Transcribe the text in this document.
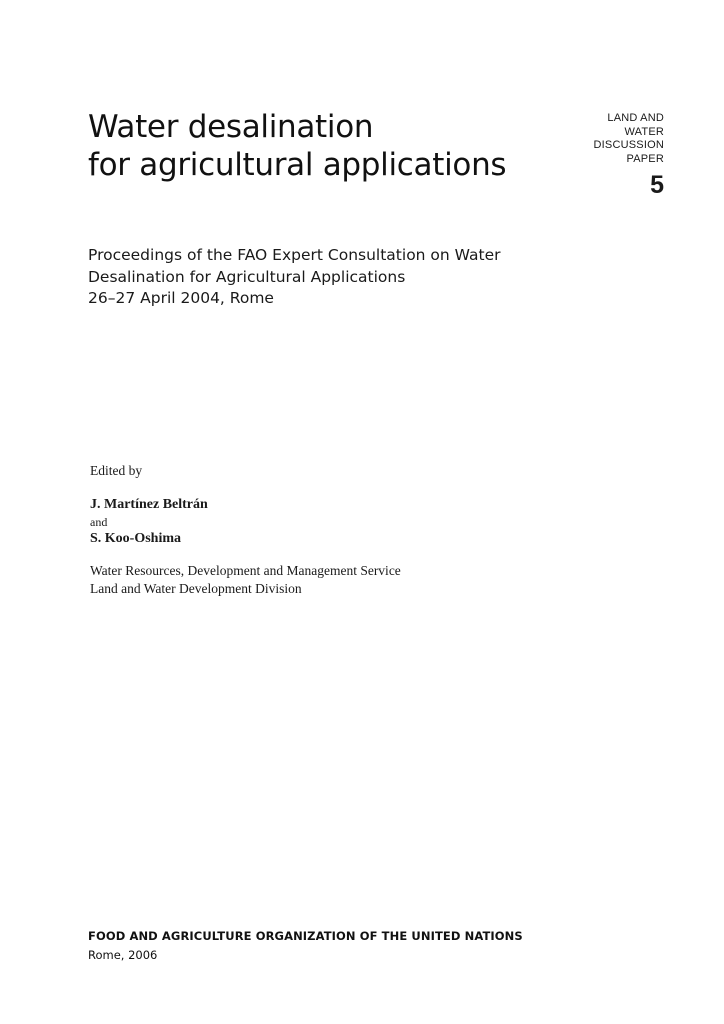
LAND AND
WATER
DISCUSSION
PAPER
5
Water desalination
for agricultural applications
Proceedings of the FAO Expert Consultation on Water
Desalination for Agricultural Applications
26–27 April 2004, Rome
Edited by
J. Martínez Beltrán
and
S. Koo-Oshima
Water Resources, Development and Management Service
Land and Water Development Division
FOOD AND AGRICULTURE ORGANIZATION OF THE UNITED NATIONS
Rome, 2006
